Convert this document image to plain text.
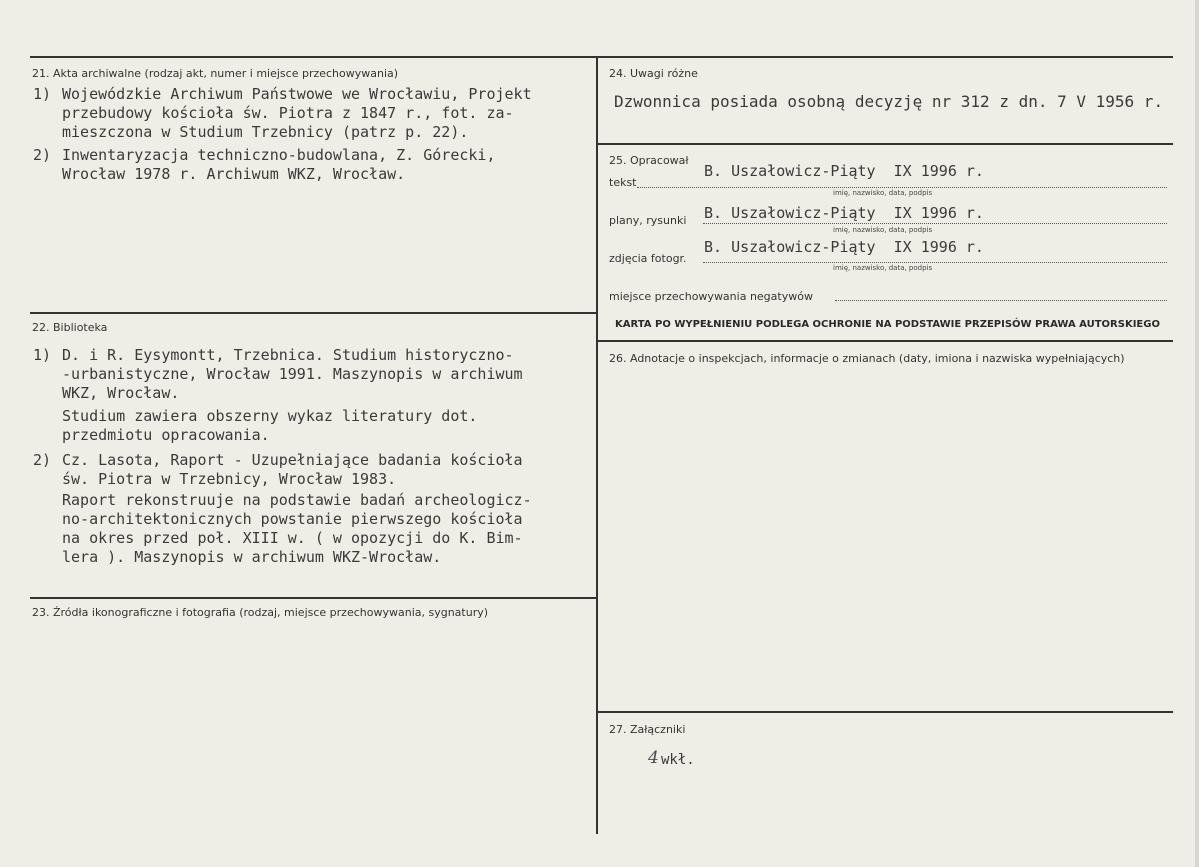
21. Akta archiwalne (rodzaj akt, numer i miejsce przechowywania)
1) Wojewódzkie Archiwum Państwowe we Wrocławiu, Projekt
przebudowy kościoła św. Piotra z 1847 r., fot. za-
mieszczona w Studium Trzebnicy (patrz p. 22).
2) Inwentaryzacja techniczno-budowlana, Z. Górecki,
Wrocław 1978 r. Archiwum WKZ, Wrocław.
22. Biblioteka
1) D. i R. Eysymontt, Trzebnica. Studium historyczno-
-urbanistyczne, Wrocław 1991. Maszynopis w archiwum
WKZ, Wrocław.
Studium zawiera obszerny wykaz literatury dot.
przedmiotu opracowania.
2) Cz. Lasota, Raport - Uzupełniające badania kościoła
św. Piotra w Trzebnicy, Wrocław 1983.
Raport rekonstruuje na podstawie badań archeologicz-
no-architektonicznych powstanie pierwszego kościoła
na okres przed poł. XIII w. ( w opozycji do K. Bim-
lera ). Maszynopis w archiwum WKZ-Wrocław.
23. Źródła ikonograficzne i fotografia (rodzaj, miejsce przechowywania, sygnatury)
24. Uwagi różne
Dzwonnica posiada osobną decyzję nr 312 z dn. 7 V 1956 r.
25. Opracował
tekst
B. Uszałowicz-Piąty  IX 1996 r.
imię, nazwisko, data, podpis
plany, rysunki B. Uszałowicz-Piąty  IX 1996 r.
imię, nazwisko, data, podpis
zdjęcia fotogr.
B. Uszałowicz-Piąty  IX 1996 r.
imię, nazwisko, data, podpis
miejsce przechowywania negatywów
KARTA PO WYPEŁNIENIU PODLEGA OCHRONIE NA PODSTAWIE PRZEPISÓW PRAWA AUTORSKIEGO
26. Adnotacje o inspekcjach, informacje o zmianach (daty, imiona i nazwiska wypełniających)
27. Załączniki
4 wkł.
